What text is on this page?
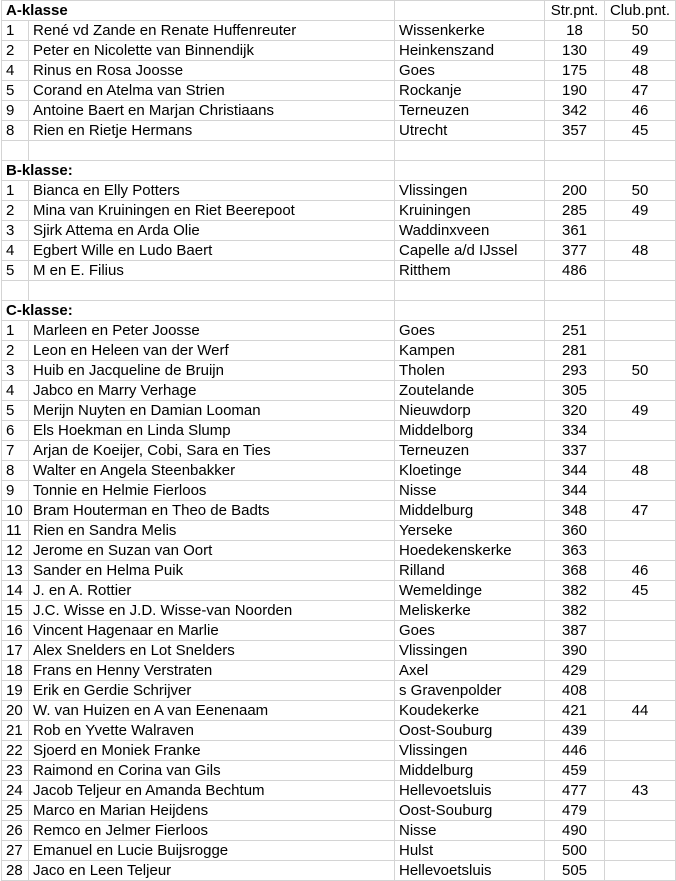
A-klasse			Str.pnt.	Club.pnt.
1	René vd Zande en Renate Huffenreuter	Wissenkerke	18	50
2	Peter en Nicolette van Binnendijk	Heinkenszand	130	49
4	Rinus en Rosa Joosse	Goes	175	48
5	Corand en Atelma van Strien	Rockanje	190	47
9	Antoine Baert en Marjan Christiaans	Terneuzen	342	46
8	Rien en Rietje Hermans	Utrecht	357	45

B-klasse:				
1	Bianca en Elly Potters	Vlissingen	200	50
2	Mina van Kruiningen en Riet Beerepoot	Kruiningen	285	49
3	Sjirk Attema en Arda Olie	Waddinxveen	361	
4	Egbert Wille en Ludo Baert	Capelle a/d IJssel	377	48
5	M en E. Filius	Ritthem	486	

C-klasse:				
1	Marleen en Peter Joosse	Goes	251	
2	Leon en Heleen van der Werf	Kampen	281	
3	Huib en Jacqueline de Bruijn	Tholen	293	50
4	Jabco en Marry Verhage	Zoutelande	305	
5	Merijn Nuyten en Damian Looman	Nieuwdorp	320	49
6	Els Hoekman en Linda Slump	Middelborg	334	
7	Arjan de Koeijer, Cobi, Sara en Ties	Terneuzen	337	
8	Walter en Angela Steenbakker	Kloetinge	344	48
9	Tonnie en Helmie Fierloos	Nisse	344	
10	Bram Houterman en Theo de Badts	Middelburg	348	47
11	Rien en Sandra Melis	Yerseke	360	
12	Jerome en Suzan van Oort	Hoedekenskerke	363	
13	Sander en Helma Puik	Rilland	368	46
14	J. en A. Rottier	Wemeldinge	382	45
15	J.C. Wisse en J.D. Wisse-van Noorden	Meliskerke	382	
16	Vincent Hagenaar en Marlie	Goes	387	
17	Alex Snelders en Lot Snelders	Vlissingen	390	
18	Frans en Henny Verstraten	Axel	429	
19	Erik en Gerdie Schrijver	s Gravenpolder	408	
20	W. van Huizen en A van Eenenaam	Koudekerke	421	44
21	Rob en Yvette Walraven	Oost-Souburg	439	
22	Sjoerd en Moniek Franke	Vlissingen	446	
23	Raimond en Corina van Gils	Middelburg	459	
24	Jacob Teljeur en Amanda Bechtum	Hellevoetsluis	477	43
25	Marco en Marian Heijdens	Oost-Souburg	479	
26	Remco en Jelmer Fierloos	Nisse	490	
27	Emanuel en Lucie Buijsrogge	Hulst	500	
28	Jaco en Leen Teljeur	Hellevoetsluis	505	
